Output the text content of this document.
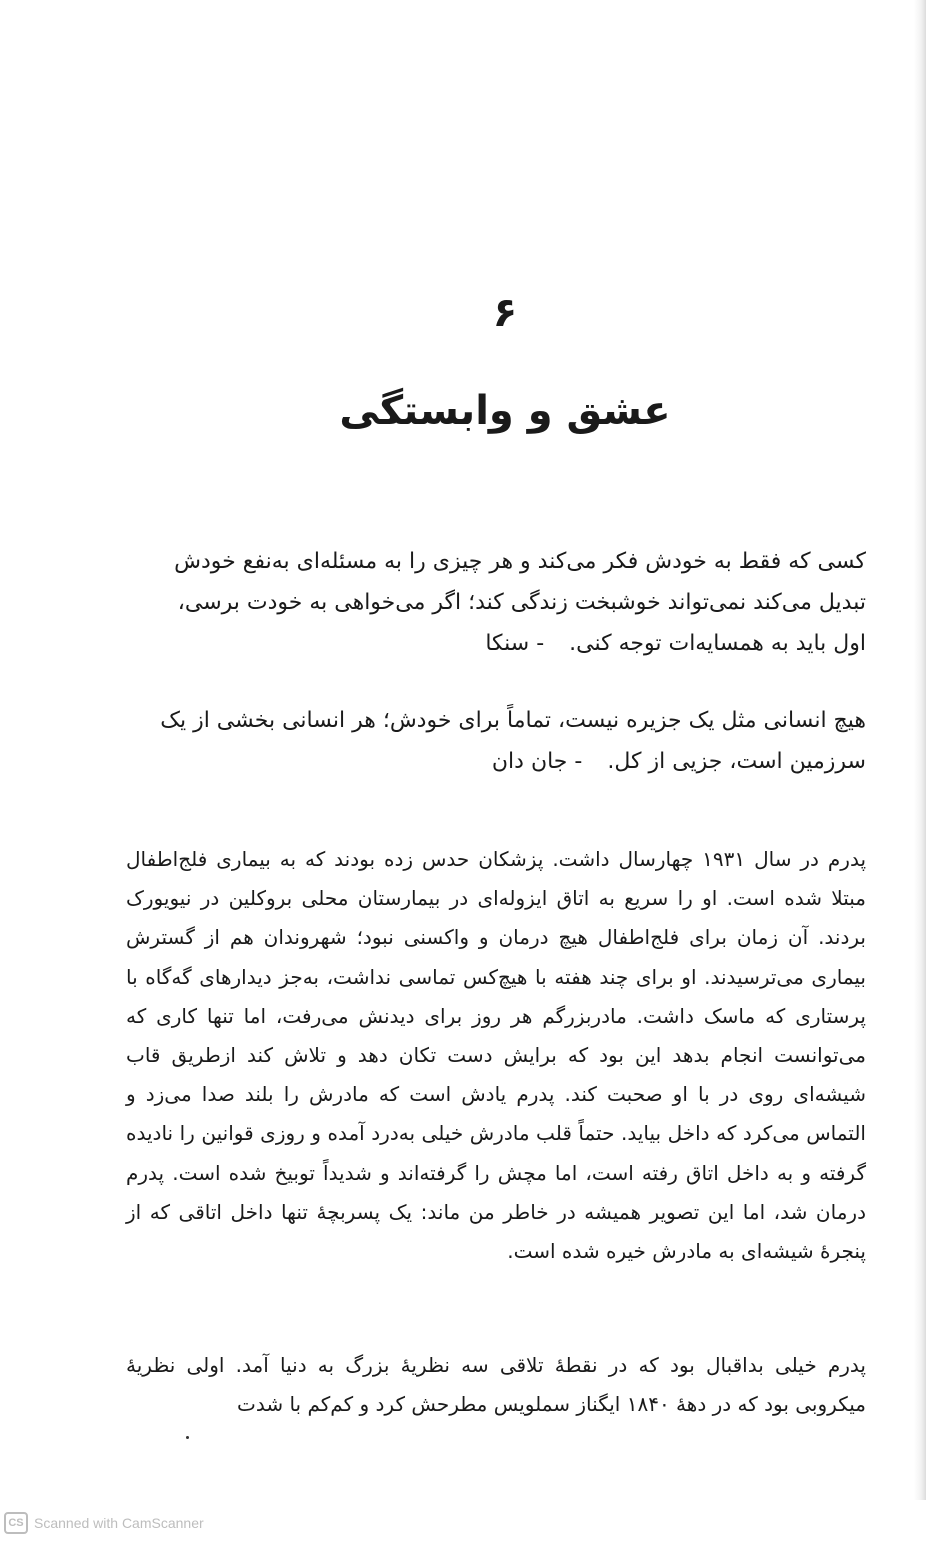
۶
عشق و وابستگی
کسی که فقط به خودش فکر می‌کند و هر چیزی را به مسئله‌ای به‌نفع خودش تبدیل می‌کند نمی‌تواند خوشبخت زندگی کند؛ اگر می‌خواهی به خودت برسی، اول باید به همسایه‌ات توجه کنی. - سنکا
هیچ انسانی مثل یک جزیره نیست، تماماً برای خودش؛ هر انسانی بخشی از یک سرزمین است، جزیی از کل. - جان دان

پدرم در سال ۱۹۳۱ چهارسال داشت. پزشکان حدس زده بودند که به بیماری فلج‌اطفال مبتلا شده است. او را سریع به اتاق ایزوله‌ای در بیمارستان محلی بروکلین در نیویورک بردند. آن زمان برای فلج‌اطفال هیچ درمان و واکسنی نبود؛ شهروندان هم از گسترش بیماری می‌ترسیدند. او برای چند هفته با هیچ‌کس تماسی نداشت، به‌جز دیدارهای گه‌گاه با پرستاری که ماسک داشت. مادربزرگم هر روز برای دیدنش می‌رفت، اما تنها کاری که می‌توانست انجام بدهد این بود که برایش دست تکان دهد و تلاش کند ازطریق قاب شیشه‌ای روی در با او صحبت کند. پدرم یادش است که مادرش را بلند صدا می‌زد و التماس می‌کرد که داخل بیاید. حتماً قلب مادرش خیلی به‌درد آمده و روزی قوانین را نادیده گرفته و به داخل اتاق رفته است، اما مچش را گرفته‌اند و شدیداً توبیخ شده است. پدرم درمان شد، اما این تصویر همیشه در خاطر من ماند: یک پسربچهٔ تنها داخل اتاقی که از پنجرهٔ شیشه‌ای به مادرش خیره شده است.

پدرم خیلی بداقبال بود که در نقطهٔ تلاقی سه نظریهٔ بزرگ به دنیا آمد. اولی نظریهٔ میکروبی بود که در دههٔ ۱۸۴۰ ایگناز سملویس مطرحش کرد و کم‌کم با شدت

CS Scanned with CamScanner
